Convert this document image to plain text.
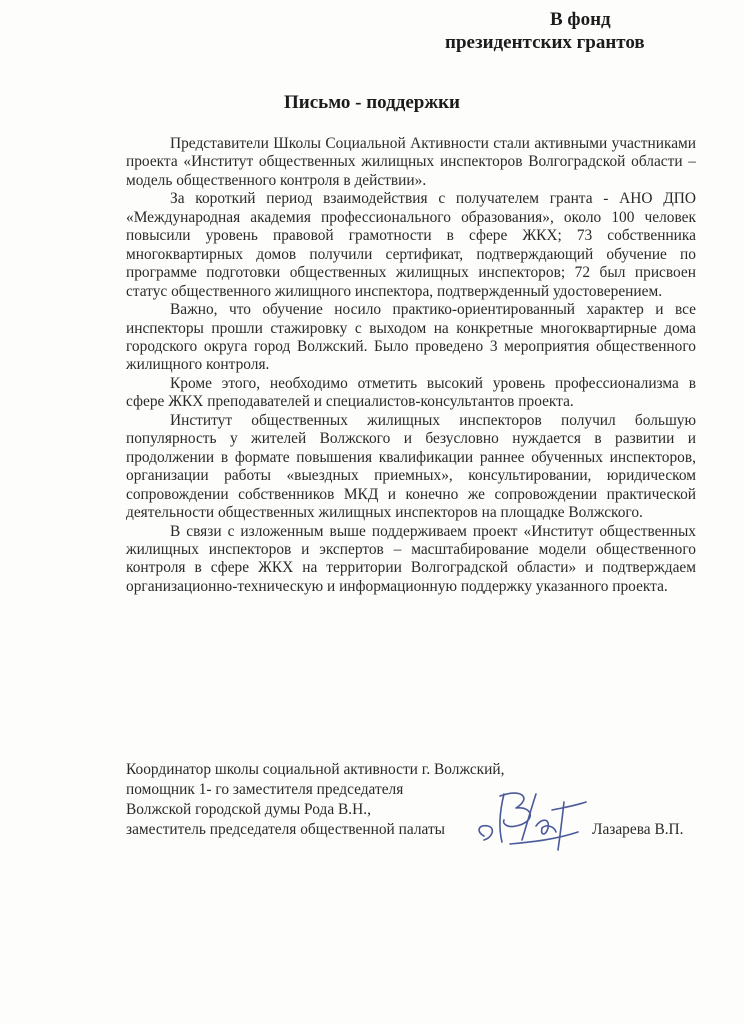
В фонд
президентских грантов
Письмо - поддержки

Представители Школы Социальной Активности стали активными участниками проекта «Институт общественных жилищных инспекторов Волгоградской области – модель общественного контроля в действии».

За короткий период взаимодействия с получателем гранта - АНО ДПО «Международная академия профессионального образования», около 100 человек повысили уровень правовой грамотности в сфере ЖКХ; 73 собственника многоквартирных домов получили сертификат, подтверждающий обучение по программе подготовки общественных жилищных инспекторов; 72 был присвоен статус общественного жилищного инспектора, подтвержденный удостоверением.

Важно, что обучение носило практико-ориентированный характер и все инспекторы прошли стажировку с выходом на конкретные многоквартирные дома городского округа город Волжский. Было проведено 3 мероприятия общественного жилищного контроля.

Кроме этого, необходимо отметить высокий уровень профессионализма в сфере ЖКХ преподавателей и специалистов-консультантов проекта.

Институт общественных жилищных инспекторов получил большую популярность у жителей Волжского и безусловно нуждается в развитии и продолжении в формате повышения квалификации раннее обученных инспекторов, организации работы «выездных приемных», консультировании, юридическом сопровождении собственников МКД и конечно же сопровождении практической деятельности общественных жилищных инспекторов на площадке Волжского.

В связи с изложенным выше поддерживаем проект «Институт общественных жилищных инспекторов и экспертов – масштабирование модели общественного контроля в сфере ЖКХ на территории Волгоградской области» и подтверждаем организационно-техническую и информационную поддержку указанного проекта.

Координатор школы социальной активности г. Волжский,
помощник 1- го заместителя председателя
Волжской городской думы Рода В.Н.,
заместитель председателя общественной палаты	Лазарева В.П.
